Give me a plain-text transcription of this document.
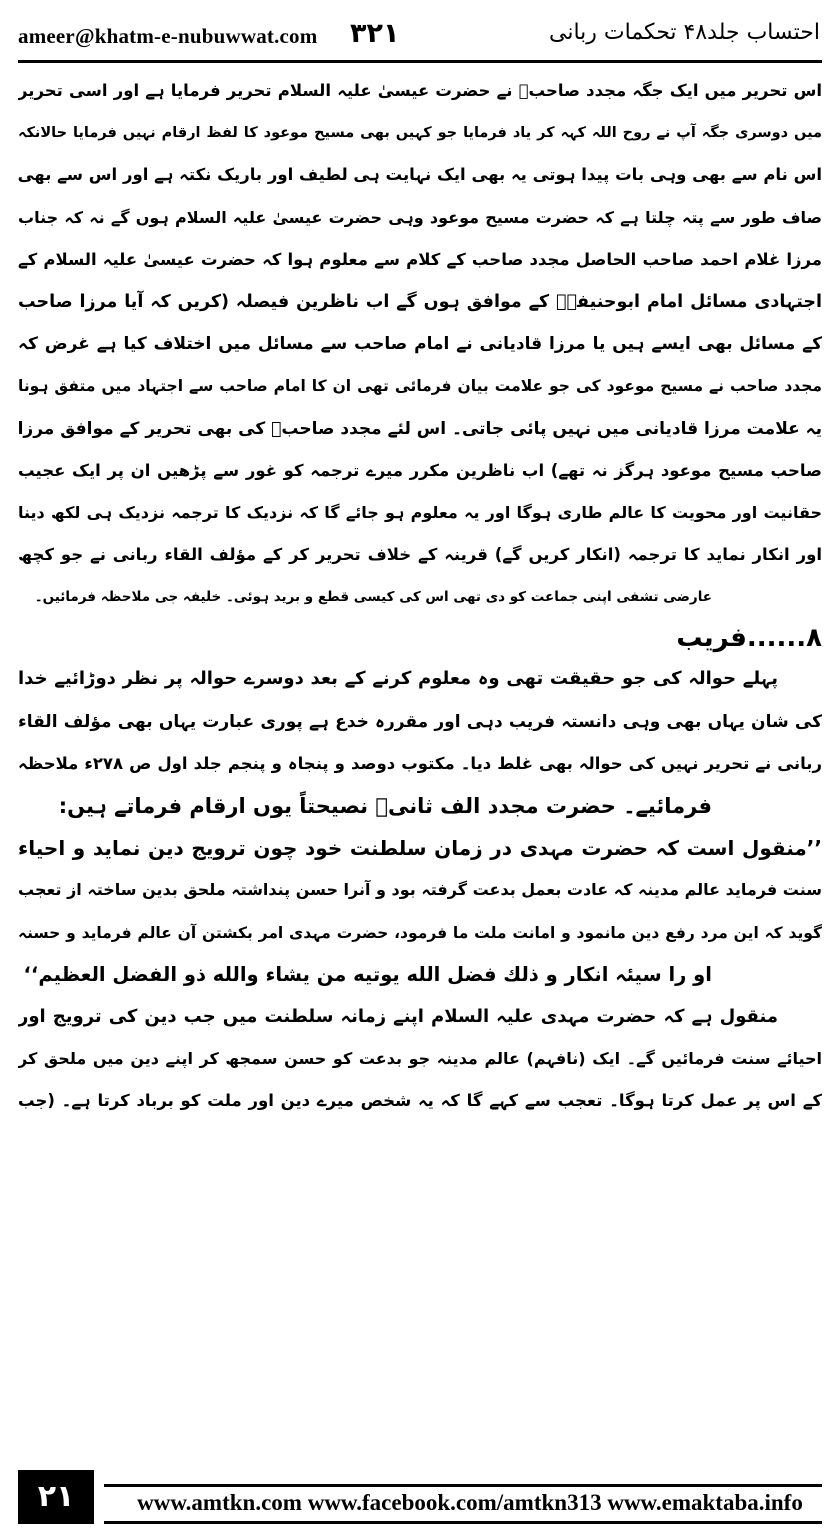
ameer@khatm-e-nubuwwat.com ۳۲۱	احتساب جلد۴۸ تحکمات ربانی
اس تحریر میں ایک جگہ مجدد صاحبؒ نے حضرت عیسیٰ علیہ السلام تحریر فرمایا ہے اور اسی تحریر
میں دوسری جگہ آپ نے روح اللہ کہہ کر یاد فرمایا جو کہیں بھی مسیح موعود کا لفظ ارقام نہیں فرمایا حالانکہ
اس نام سے بھی وہی بات پیدا ہوتی یہ بھی ایک نہایت ہی لطیف اور باریک نکتہ ہے اور اس سے بھی
صاف طور سے پتہ چلتا ہے کہ حضرت مسیح موعود وہی حضرت عیسیٰ علیہ السلام ہوں گے نہ کہ جناب
مرزا غلام احمد صاحب الحاصل مجدد صاحب کے کلام سے معلوم ہوا کہ حضرت عیسیٰ علیہ السلام کے
اجتہادی مسائل امام ابوحنیفہؒ کے موافق ہوں گے اب ناظرین فیصلہ (کریں کہ آیا مرزا صاحب
کے مسائل بھی ایسے ہیں یا مرزا قادیانی نے امام صاحب سے مسائل میں اختلاف کیا ہے غرض کہ
مجدد صاحب نے مسیح موعود کی جو علامت بیان فرمائی تھی ان کا امام صاحب سے اجتہاد میں متفق ہونا
یہ علامت مرزا قادیانی میں نہیں پائی جاتی۔ اس لئے مجدد صاحبؒ کی بھی تحریر کے موافق مرزا
صاحب مسیح موعود ہرگز نہ تھے) اب ناظرین مکرر میرے ترجمہ کو غور سے پڑھیں ان پر ایک عجیب
حقانیت اور محویت کا عالم طاری ہوگا اور یہ معلوم ہو جائے گا کہ نزدیک کا ترجمہ نزدیک ہی لکھ دینا
اور انکار نماید کا ترجمہ (انکار کریں گے) قرینہ کے خلاف تحریر کر کے مؤلف القاء ربانی نے جو کچھ
عارضی تشفی اپنی جماعت کو دی تھی اس کی کیسی قطع و برید ہوئی۔ خلیفہ جی ملاحظہ فرمائیں۔
۸......فریب
پہلے حوالہ کی جو حقیقت تھی وہ معلوم کرنے کے بعد دوسرے حوالہ پر نظر دوڑائیے خدا
کی شان یہاں بھی وہی دانستہ فریب دہی اور مقررہ خدع ہے پوری عبارت یہاں بھی مؤلف القاء
ربانی نے تحریر نہیں کی حوالہ بھی غلط دیا۔ مکتوب دوصد و پنجاہ و پنجم جلد اول ص ۲۷۸ء ملاحظہ
فرمائیے۔ حضرت مجدد الف ثانیؒ نصیحتاً یوں ارقام فرماتے ہیں:
’’منقول است کہ حضرت مہدی در زمان سلطنت خود چون ترویج دین نماید و احیاء
سنت فرماید عالم مدینہ کہ عادت بعمل بدعت گرفتہ بود و آنرا حسن پنداشتہ ملحق بدین ساختہ از تعجب
گوید کہ این مرد رفع دین مانمود و امانت ملت ما فرمود، حضرت مہدی امر بکشتن آن عالم فرماید و حسنہ
او را سیئہ انکار و ذلك فضل الله يوتيه من يشاء والله ذو الفضل العظيم‘‘
منقول ہے کہ حضرت مہدی علیہ السلام اپنے زمانہ سلطنت میں جب دین کی ترویج اور
احیائے سنت فرمائیں گے۔ ایک (نافہم) عالم مدینہ جو بدعت کو حسن سمجھ کر اپنے دین میں ملحق کر
کے اس پر عمل کرتا ہوگا۔ تعجب سے کہے گا کہ یہ شخص میرے دین اور ملت کو برباد کرتا ہے۔ (جب
۲۱	www.amtkn.com www.facebook.com/amtkn313 www.emaktaba.info
